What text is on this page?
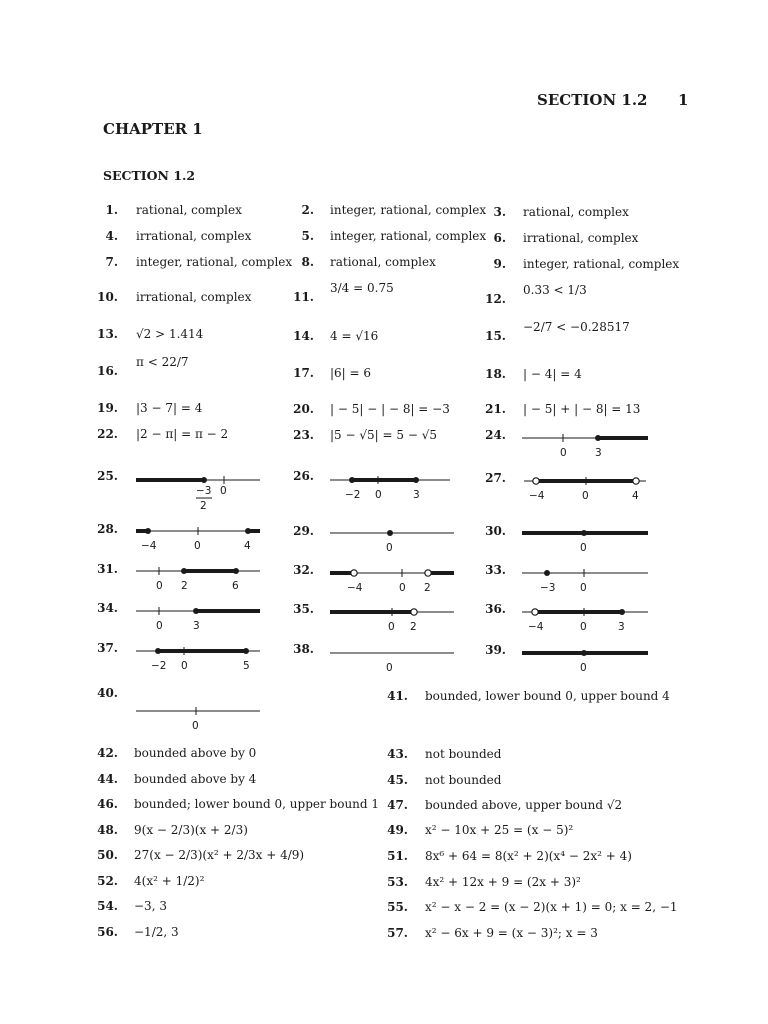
SECTION 1.2 1
CHAPTER 1
SECTION 1.2
1. rational, complex	2. integer, rational, complex 3. rational, complex
4. irrational, complex	5. integer, rational, complex 6. irrational, complex
7. integer, rational, complex 8. rational, complex	9. integer, rational, complex
10. irrational, complex	11.
3/4 = 0.75
12.
0.33 < 1/3
13. √2 > 1.414	14. 4 = √16	15.
−2/7 < −0.28517
16.
π < 22/7
17. |6| = 6	18. | − 4| = 4
19. |3 − 7| = 4	20. | − 5| − | − 8| = −3	21. | − 5| + | − 8| = 13
22. |2 − π| = π − 2	23. |5 − √5| = 5 − √5	24.
0	3
25.
−3
2
0
26.
−2 0	3
27.
−4	0	4
28.
−4	0	4
29.
0
30.
0
31.
0 2	6
32.
−4	0 2
33.
−3 0
34.
0	3
35.
0 2
36.
−4	0	3
37.
−2 0	5
38.
0
39.
0
40.
0
41. bounded, lower bound 0, upper bound 4
42. bounded above by 0	43. not bounded
44. bounded above by 4	45. not bounded
46. bounded; lower bound 0, upper bound 1 47. bounded above, upper bound √2
48. 9(x − 2/3)(x + 2/3)	49. x² − 10x + 25 = (x − 5)²
50. 27(x − 2/3)(x² + 2/3x + 4/9)	51. 8x⁶ + 64 = 8(x² + 2)(x⁴ − 2x² + 4)
52. 4(x² + 1/2)²	53. 4x² + 12x + 9 = (2x + 3)²
54. −3, 3	55. x² − x − 2 = (x − 2)(x + 1) = 0; x = 2, −1
56. −1/2, 3	57. x² − 6x + 9 = (x − 3)²; x = 3
